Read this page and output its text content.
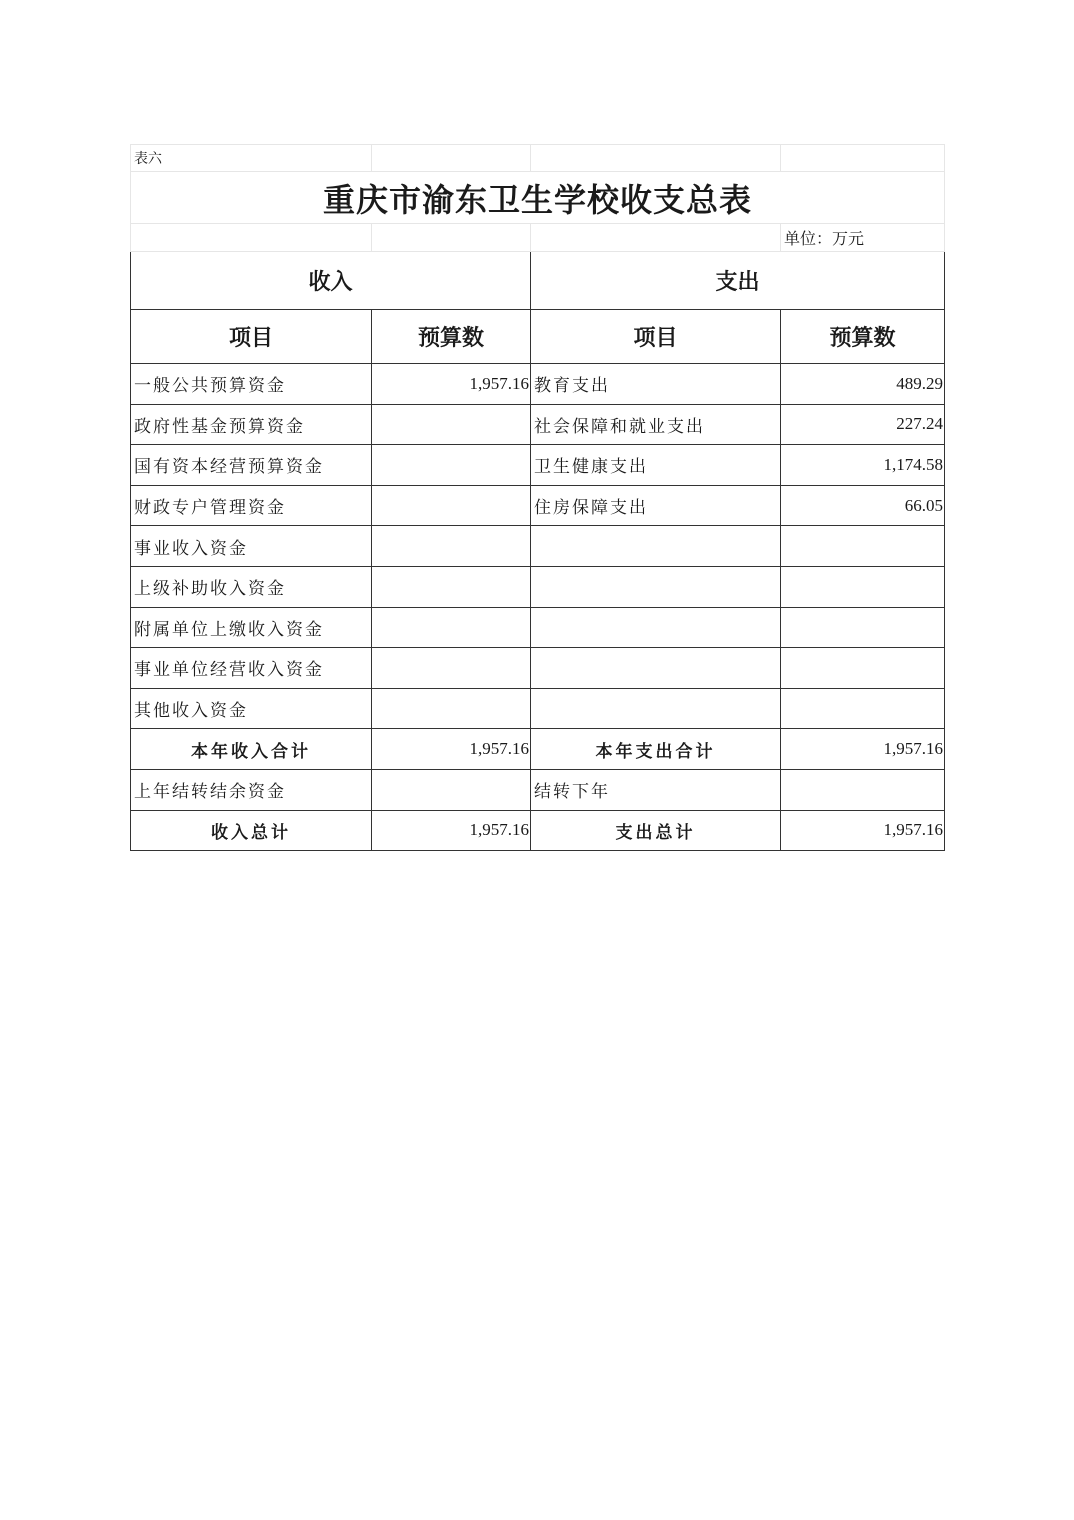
表六			
重庆市渝东卫生学校收支总表			
			单位：万元
收入		支出	
项目	预算数	项目	预算数
一般公共预算资金	1,957.16	教育支出	489.29
政府性基金预算资金		社会保障和就业支出	227.24
国有资本经营预算资金		卫生健康支出	1,174.58
财政专户管理资金		住房保障支出	66.05
事业收入资金			
上级补助收入资金			
附属单位上缴收入资金			
事业单位经营收入资金			
其他收入资金			
本年收入合计	1,957.16	本年支出合计	1,957.16
上年结转结余资金		结转下年	
收入总计	1,957.16	支出总计	1,957.16
